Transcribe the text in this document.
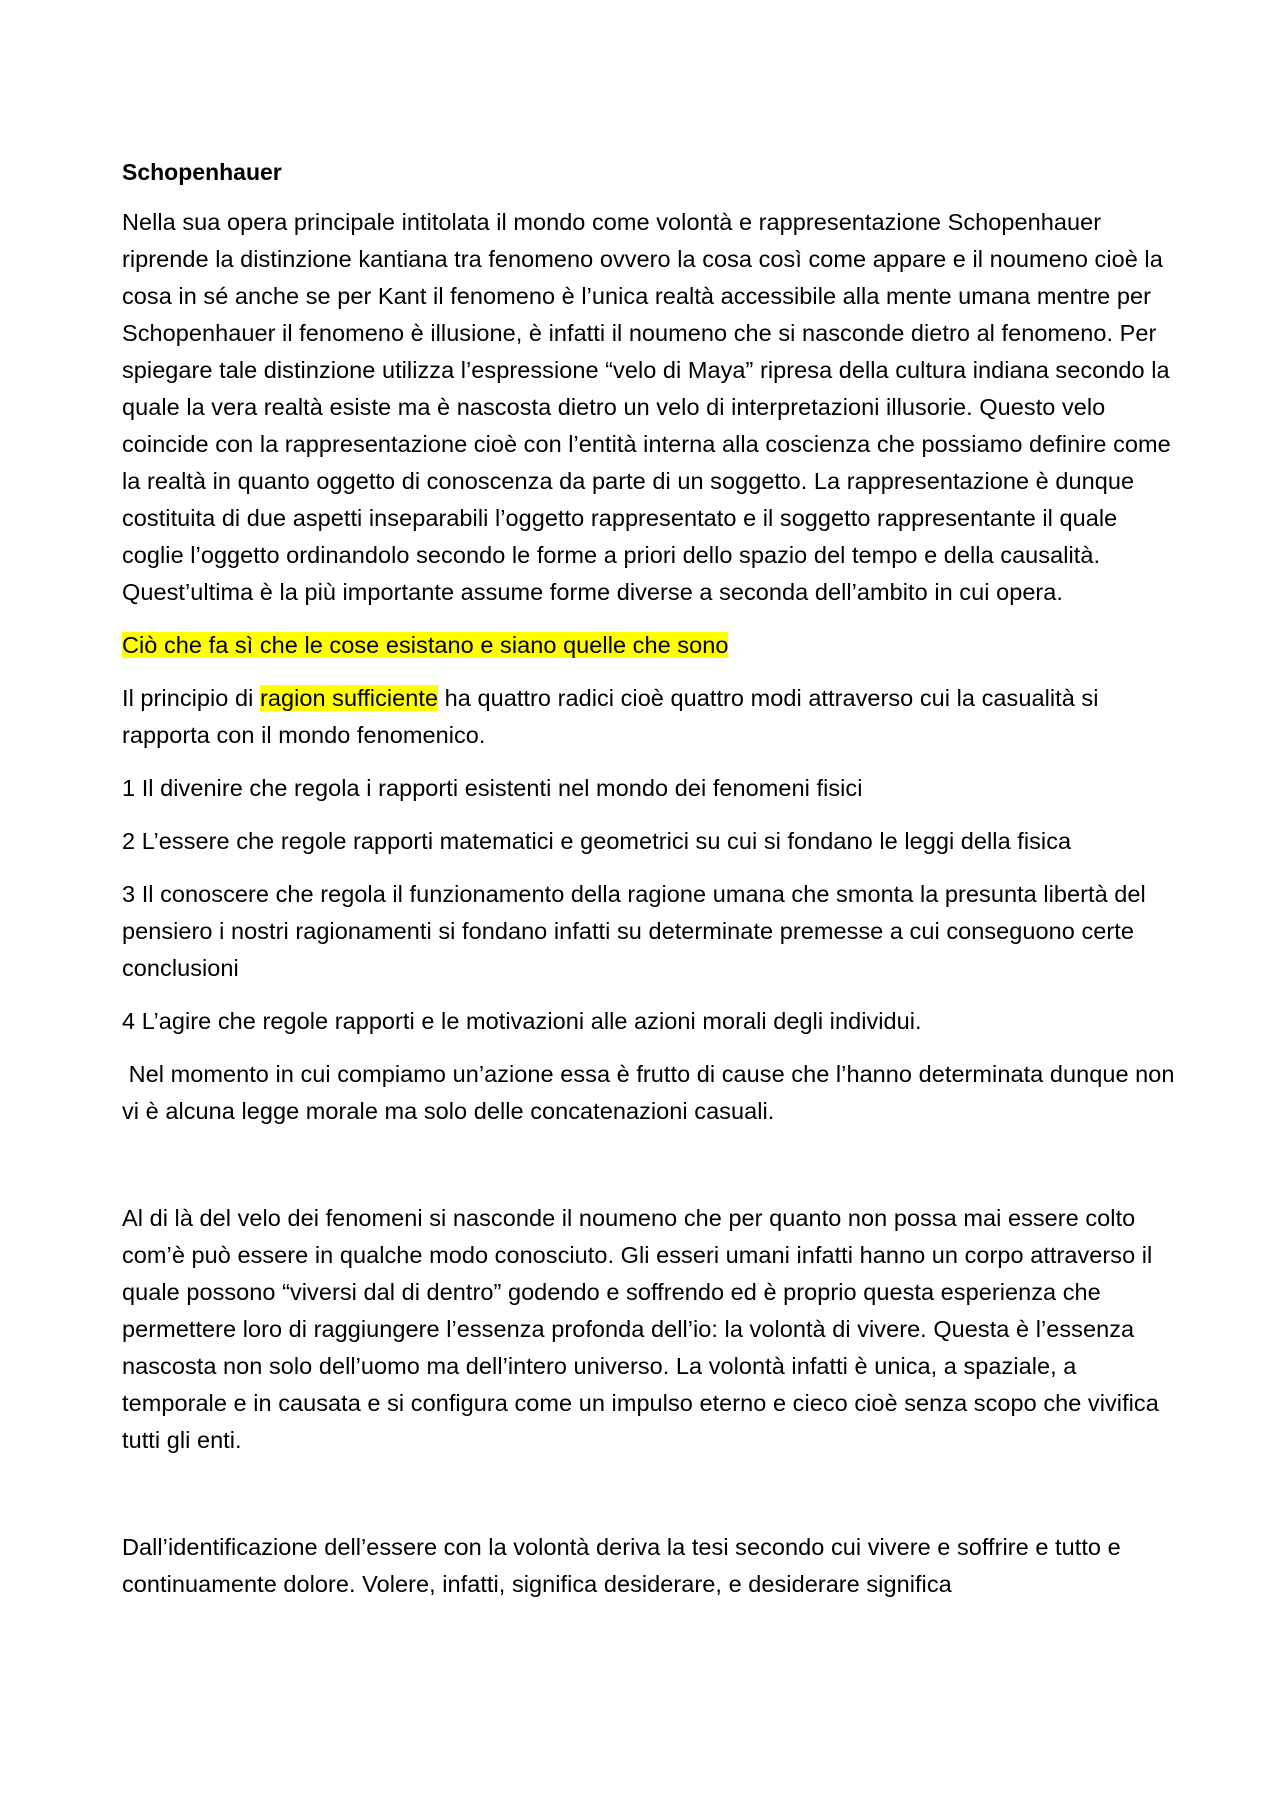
Schopenhauer

Nella sua opera principale intitolata il mondo come volontà e rappresentazione Schopenhauer riprende la distinzione kantiana tra fenomeno ovvero la cosa così come appare e il noumeno cioè la cosa in sé anche se per Kant il fenomeno è l’unica realtà accessibile alla mente umana mentre per Schopenhauer il fenomeno è illusione, è infatti il noumeno che si nasconde dietro al fenomeno. Per spiegare tale distinzione utilizza l’espressione “velo di Maya” ripresa della cultura indiana secondo la quale la vera realtà esiste ma è nascosta dietro un velo di interpretazioni illusorie. Questo velo coincide con la rappresentazione cioè con l’entità interna alla coscienza che possiamo definire come la realtà in quanto oggetto di conoscenza da parte di un soggetto. La rappresentazione è dunque costituita di due aspetti inseparabili l’oggetto rappresentato e il soggetto rappresentante il quale coglie l’oggetto ordinandolo secondo le forme a priori dello spazio del tempo e della causalità. Quest’ultima è la più importante assume forme diverse a seconda dell’ambito in cui opera.

Ciò che fa sì che le cose esistano e siano quelle che sono

Il principio di ragion sufficiente ha quattro radici cioè quattro modi attraverso cui la casualità si rapporta con il mondo fenomenico.

1 Il divenire che regola i rapporti esistenti nel mondo dei fenomeni fisici

2 L’essere che regole rapporti matematici e geometrici su cui si fondano le leggi della fisica

3 Il conoscere che regola il funzionamento della ragione umana che smonta la presunta libertà del pensiero i nostri ragionamenti si fondano infatti su determinate premesse a cui conseguono certe conclusioni

4 L’agire che regole rapporti e le motivazioni alle azioni morali degli individui.

Nel momento in cui compiamo un’azione essa è frutto di cause che l’hanno determinata dunque non vi è alcuna legge morale ma solo delle concatenazioni casuali.

Al di là del velo dei fenomeni si nasconde il noumeno che per quanto non possa mai essere colto com’è può essere in qualche modo conosciuto. Gli esseri umani infatti hanno un corpo attraverso il quale possono “viversi dal di dentro” godendo e soffrendo ed è proprio questa esperienza che permettere loro di raggiungere l’essenza profonda dell’io: la volontà di vivere. Questa è l’essenza nascosta non solo dell’uomo ma dell’intero universo. La volontà infatti è unica, a spaziale, a temporale e in causata e si configura come un impulso eterno e cieco cioè senza scopo che vivifica tutti gli enti.

Dall’identificazione dell’essere con la volontà deriva la tesi secondo cui vivere e soffrire e tutto e continuamente dolore. Volere, infatti, significa desiderare, e desiderare significa
